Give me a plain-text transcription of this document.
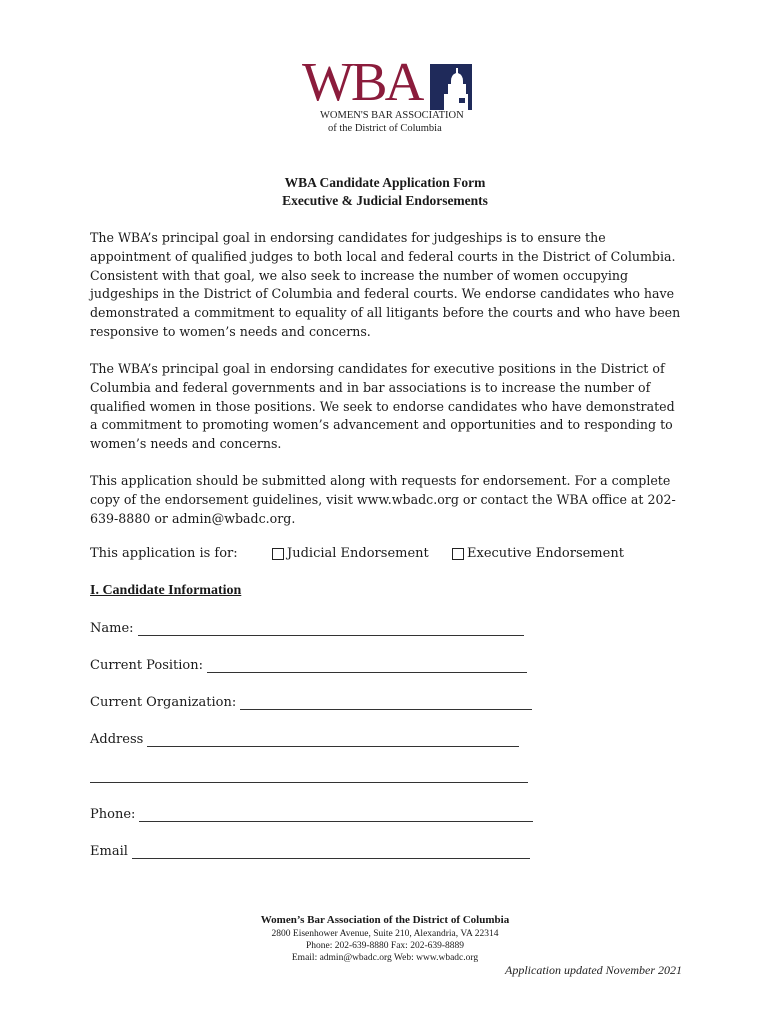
WBA
WOMEN'S BAR ASSOCIATION
of the District of Columbia
WBA Candidate Application Form
Executive & Judicial Endorsements

The WBA’s principal goal in endorsing candidates for judgeships is to ensure the appointment of qualified judges to both local and federal courts in the District of Columbia. Consistent with that goal, we also seek to increase the number of women occupying judgeships in the District of Columbia and federal courts. We endorse candidates who have demonstrated a commitment to equality of all litigants before the courts and who have been responsive to women’s needs and concerns.

The WBA’s principal goal in endorsing candidates for executive positions in the District of Columbia and federal governments and in bar associations is to increase the number of qualified women in those positions. We seek to endorse candidates who have demonstrated a commitment to promoting women’s advancement and opportunities and to responding to women’s needs and concerns.

This application should be submitted along with requests for endorsement. For a complete copy of the endorsement guidelines, visit www.wbadc.org or contact the WBA office at 202-639-8880 or admin@wbadc.org.

This application is for:	Judicial Endorsement	Executive Endorsement
I. Candidate Information
Name:
Current Position:
Current Organization:
Address
Phone:
Email
Women’s Bar Association of the District of Columbia
2800 Eisenhower Avenue, Suite 210, Alexandria, VA 22314
Phone: 202-639-8880 Fax: 202-639-8889
Email: admin@wbadc.org Web: www.wbadc.org
Application updated November 2021
